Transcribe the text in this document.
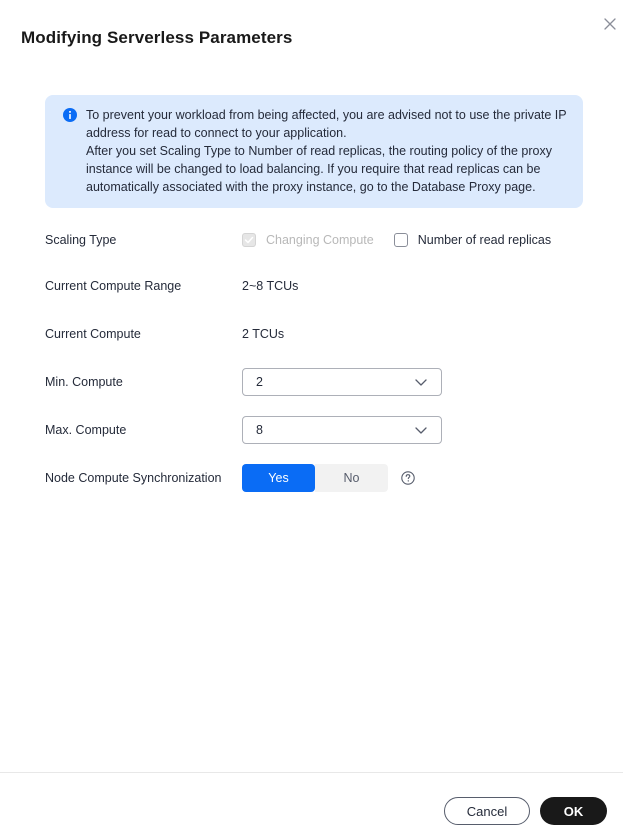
Modifying Serverless Parameters

To prevent your workload from being affected, you are advised not to use the private IP address for read to connect to your application.

After you set Scaling Type to Number of read replicas, the routing policy of the proxy instance will be changed to load balancing. If you require that read replicas can be automatically associated with the proxy instance, go to the Database Proxy page.

Scaling Type	Changing Compute	Number of read replicas
Current Compute Range	2~8 TCUs
Current Compute	2 TCUs
Min. Compute	2
Max. Compute	8
Node Compute Synchronization	Yes	No
Cancel	OK
